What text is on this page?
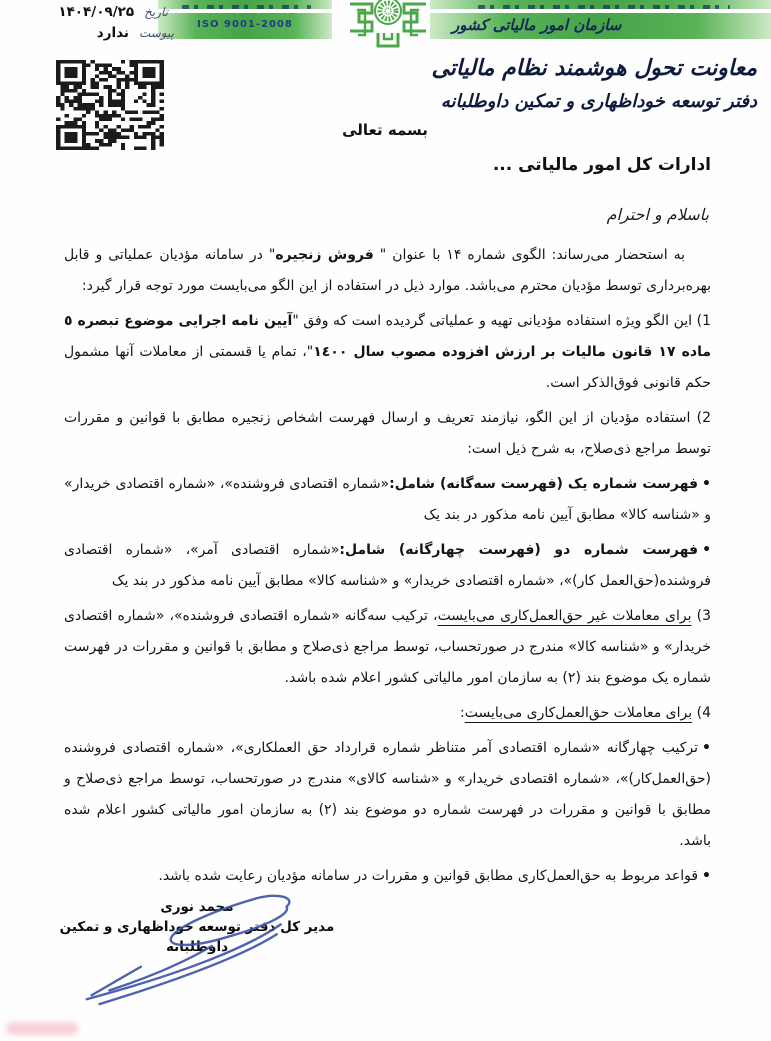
ISO 9001-2008	سازمان امور مالیاتی کشور
تاریخ
۱۴۰۴/۰۹/۲۵
پیوست
ندارد
معاونت تحول هوشمند نظام مالیاتی
دفتر توسعه خوداظهاری و تمکین داوطلبانه
بسمه تعالی
ادارات کل امور مالیاتی ...
باسلام و احترام

به استحضار می‌رساند: الگوی شماره ۱۴ با عنوان " فروش زنجیره" در سامانه مؤدیان عملیاتی و قابل بهره‌برداری توسط مؤدیان محترم می‌باشد. موارد ذیل در استفاده از این الگو می‌بایست مورد توجه قرار گیرد:

1) این الگو ویژه استفاده مؤدیانی تهیه و عملیاتی گردیده است که وفق "آیین نامه اجرایی موضوع تبصره ٥ ماده ۱۷ قانون مالیات بر ارزش افزوده مصوب سال ١٤٠٠"، تمام یا قسمتی از معاملات آنها مشمول حکم قانونی فوق‌الذکر است.

2) استفاده مؤدیان از این الگو، نیازمند تعریف و ارسال فهرست اشخاص زنجیره مطابق با قوانین و مقررات توسط مراجع ذی‌صلاح، به شرح ذیل است:

•فهرست شماره یک (فهرست سه‌گانه) شامل:«شماره اقتصادی فروشنده»، «شماره اقتصادی خریدار» و «شناسه کالا» مطابق آیین نامه مذکور در بند یک

•فهرست شماره دو (فهرست چهارگانه) شامل:«شماره اقتصادی آمر»، «شماره اقتصادی فروشنده(حق‌العمل کار)»، «شماره اقتصادی خریدار» و «شناسه کالا» مطابق آیین نامه مذکور در بند یک

3) برای معاملات غیر حق‌العمل‌کاری می‌بایست، ترکیب سه‌گانه «شماره اقتصادی فروشنده»، «شماره اقتصادی خریدار» و «شناسه کالا» مندرج در صورتحساب، توسط مراجع ذی‌صلاح و مطابق با قوانین و مقررات در فهرست شماره یک موضوع بند (۲) به سازمان امور مالیاتی کشور اعلام شده باشد.

4) برای معاملات حق‌العمل‌کاری می‌بایست:

•ترکیب چهارگانه «شماره اقتصادی آمر متناظر شماره قرارداد حق العملکاری»، «شماره اقتصادی فروشنده (حق‌العمل‌کار)»، «شماره اقتصادی خریدار» و «شناسه کالای» مندرج در صورتحساب، توسط مراجع ذی‌صلاح و مطابق با قوانین و مقررات در فهرست شماره دو موضوع بند (۲) به سازمان امور مالیاتی کشور اعلام شده باشد.

•قواعد مربوط به حق‌العمل‌کاری مطابق قوانین و مقررات در سامانه مؤدیان رعایت شده باشد.

محمد نوری
مدیر کل دفتر توسعه خوداظهاری و تمکین
داوطلبانه
